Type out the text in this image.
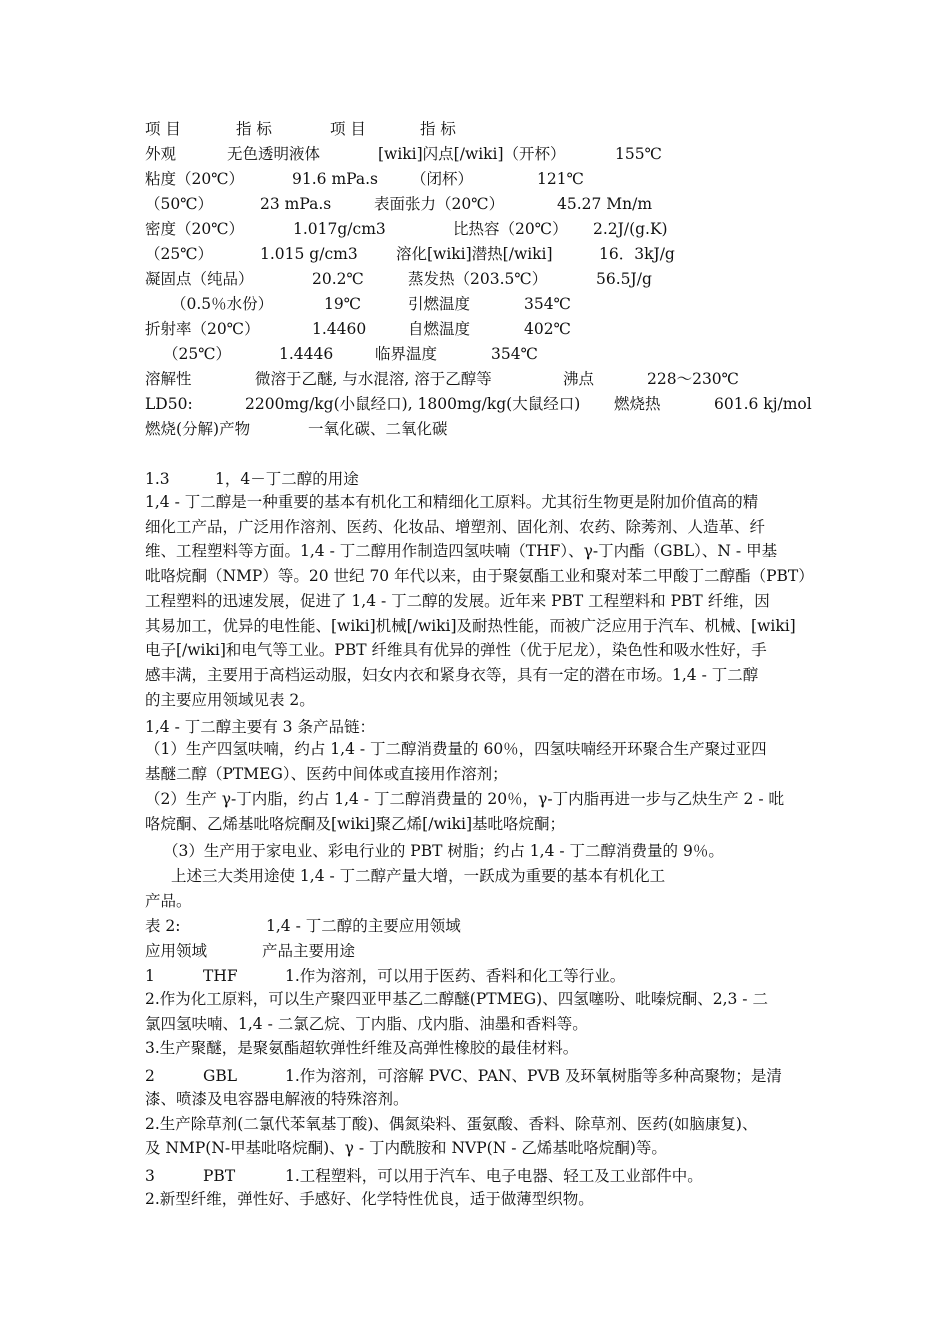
项 目	指 标	项 目	指 标
外观	无色透明液体	[wiki]闪点[/wiki]（开杯）	155℃
粘度（20℃）	91.6 mPa.s （闭杯）	121℃
（50℃）	23 mPa.s	表面张力（20℃）	45.27 Mn/m
密度（20℃）	1.017g/cm3	比热容（20℃） 2.2J/(g.K)
（25℃）	1.015 g/cm3 溶化[wiki]潜热[/wiki]	16．3kJ/g
凝固点（纯品）	20.2℃	蒸发热（203.5℃）	56.5J/g
（0.5％水份）	19℃	引燃温度	354℃
折射率（20℃）	1.4460	自燃温度	402℃
（25℃）	1.4446	临界温度	354℃
溶解性	微溶于乙醚, 与水混溶, 溶于乙醇等	沸点	228～230℃
LD50:	2200mg/kg(小鼠经口), 1800mg/kg(大鼠经口) 燃烧热	601.6 kj/mol
燃烧(分解)产物	一氧化碳、二氧化碳
1.3	1，4－丁二醇的用途
1,4 - 丁二醇是一种重要的基本有机化工和精细化工原料。尤其衍生物更是附加价值高的精
细化工产品，广泛用作溶剂、医药、化妆品、增塑剂、固化剂、农药、除莠剂、人造革、纤
维、工程塑料等方面。1,4 - 丁二醇用作制造四氢呋喃（THF）、γ-丁内酯（GBL）、N - 甲基
吡咯烷酮（NMP）等。20 世纪 70 年代以来，由于聚氨酯工业和聚对苯二甲酸丁二醇酯（PBT）
工程塑料的迅速发展，促进了 1,4 - 丁二醇的发展。近年来 PBT 工程塑料和 PBT 纤维，因
其易加工，优异的电性能、[wiki]机械[/wiki]及耐热性能，而被广泛应用于汽车、机械、[wiki]
电子[/wiki]和电气等工业。PBT 纤维具有优异的弹性（优于尼龙），染色性和吸水性好，手
感丰满，主要用于高档运动服，妇女内衣和紧身衣等，具有一定的潜在市场。1,4 - 丁二醇
的主要应用领域见表 2。
1,4 - 丁二醇主要有 3 条产品链：
（1）生产四氢呋喃，约占 1,4 - 丁二醇消费量的 60％，四氢呋喃经开环聚合生产聚过亚四
基醚二醇（PTMEG）、医药中间体或直接用作溶剂；
（2）生产 γ-丁内脂，约占 1,4 - 丁二醇消费量的 20％，γ-丁内脂再进一步与乙炔生产 2 - 吡
咯烷酮、乙烯基吡咯烷酮及[wiki]聚乙烯[/wiki]基吡咯烷酮；
（3）生产用于家电业、彩电行业的 PBT 树脂；约占 1,4 - 丁二醇消费量的 9％。
上述三大类用途使 1,4 - 丁二醇产量大增，一跃成为重要的基本有机化工
产品。
表 2:	1,4 - 丁二醇的主要应用领域
应用领域	产品主要用途
1	THF	1.作为溶剂，可以用于医药、香料和化工等行业。
2.作为化工原料，可以生产聚四亚甲基乙二醇醚(PTMEG)、四氢噻吩、吡嗪烷酮、2,3 - 二
氯四氢呋喃、1,4 - 二氯乙烷、丁内脂、戊内脂、油墨和香料等。
3.生产聚醚，是聚氨酯超软弹性纤维及高弹性橡胶的最佳材料。
2	GBL	1.作为溶剂，可溶解 PVC、PAN、PVB 及环氧树脂等多种高聚物；是清
漆、喷漆及电容器电解液的特殊溶剂。
2.生产除草剂(二氯代苯氧基丁酸)、偶氮染料、蛋氨酸、香料、除草剂、医药(如脑康复)、
及 NMP(N-甲基吡咯烷酮)、γ - 丁内酰胺和 NVP(N - 乙烯基吡咯烷酮)等。
3	PBT	1.工程塑料，可以用于汽车、电子电器、轻工及工业部件中。
2.新型纤维，弹性好、手感好、化学特性优良，适于做薄型织物。
